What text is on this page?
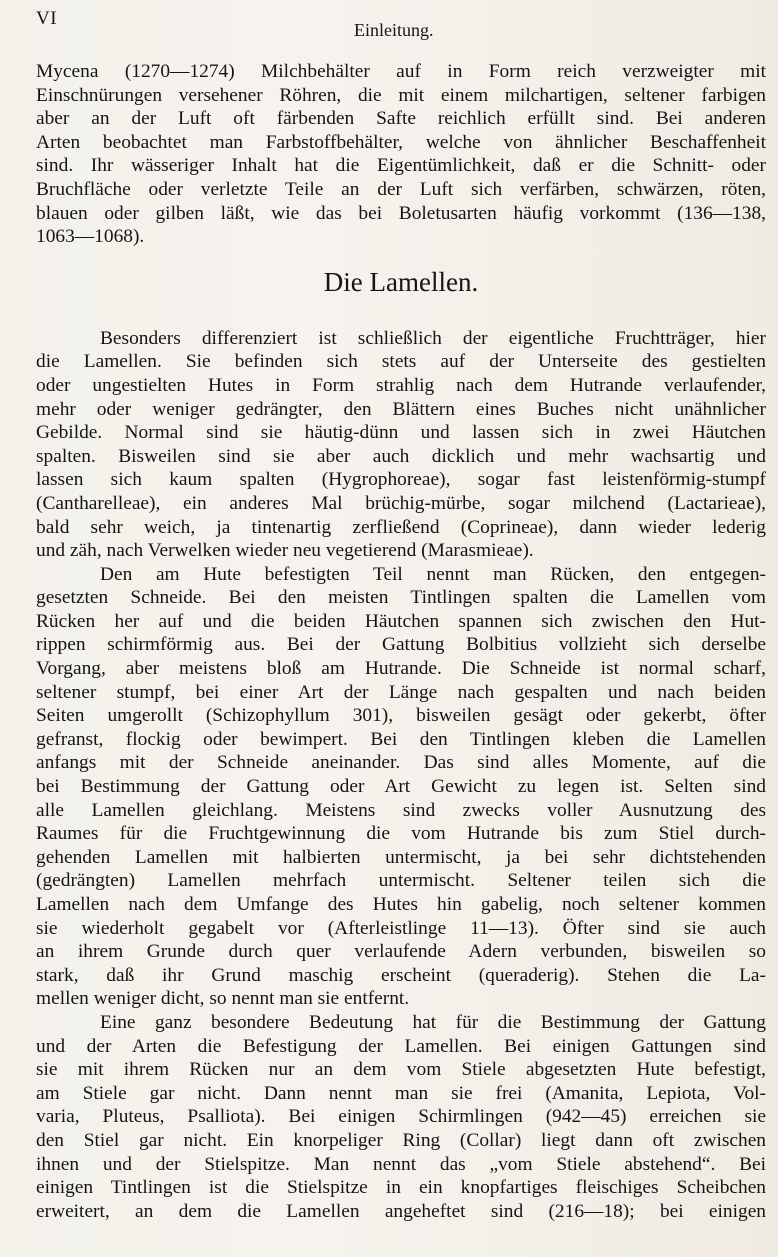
VI
Einleitung.
Mycena (1270—1274) Milchbehälter auf in Form reich verzweigter mit
Einschnürungen versehener Röhren, die mit einem milchartigen, seltener farbigen
aber an der Luft oft färbenden Safte reichlich erfüllt sind. Bei anderen
Arten beobachtet man Farbstoffbehälter, welche von ähnlicher Beschaffenheit
sind. Ihr wässeriger Inhalt hat die Eigentümlichkeit, daß er die Schnitt- oder
Bruchfläche oder verletzte Teile an der Luft sich verfärben, schwärzen, röten,
blauen oder gilben läßt, wie das bei Boletusarten häufig vorkommt (136—138,
1063—1068).
Die Lamellen.
Besonders differenziert ist schließlich der eigentliche Fruchtträger, hier
die Lamellen. Sie befinden sich stets auf der Unterseite des gestielten
oder ungestielten Hutes in Form strahlig nach dem Hutrande verlaufender,
mehr oder weniger gedrängter, den Blättern eines Buches nicht unähnlicher
Gebilde. Normal sind sie häutig-dünn und lassen sich in zwei Häutchen
spalten. Bisweilen sind sie aber auch dicklich und mehr wachsartig und
lassen sich kaum spalten (Hygrophoreae), sogar fast leistenförmig-stumpf
(Cantharelleae), ein anderes Mal brüchig-mürbe, sogar milchend (Lactarieae),
bald sehr weich, ja tintenartig zerfließend (Coprineae), dann wieder lederig
und zäh, nach Verwelken wieder neu vegetierend (Marasmieae).
Den am Hute befestigten Teil nennt man Rücken, den entgegen-
gesetzten Schneide. Bei den meisten Tintlingen spalten die Lamellen vom
Rücken her auf und die beiden Häutchen spannen sich zwischen den Hut-
rippen schirmförmig aus. Bei der Gattung Bolbitius vollzieht sich derselbe
Vorgang, aber meistens bloß am Hutrande. Die Schneide ist normal scharf,
seltener stumpf, bei einer Art der Länge nach gespalten und nach beiden
Seiten umgerollt (Schizophyllum 301), bisweilen gesägt oder gekerbt, öfter
gefranst, flockig oder bewimpert. Bei den Tintlingen kleben die Lamellen
anfangs mit der Schneide aneinander. Das sind alles Momente, auf die
bei Bestimmung der Gattung oder Art Gewicht zu legen ist. Selten sind
alle Lamellen gleichlang. Meistens sind zwecks voller Ausnutzung des
Raumes für die Fruchtgewinnung die vom Hutrande bis zum Stiel durch-
gehenden Lamellen mit halbierten untermischt, ja bei sehr dichtstehenden
(gedrängten) Lamellen mehrfach untermischt. Seltener teilen sich die
Lamellen nach dem Umfange des Hutes hin gabelig, noch seltener kommen
sie wiederholt gegabelt vor (Afterleistlinge 11—13). Öfter sind sie auch
an ihrem Grunde durch quer verlaufende Adern verbunden, bisweilen so
stark, daß ihr Grund maschig erscheint (queraderig). Stehen die La-
mellen weniger dicht, so nennt man sie entfernt.
Eine ganz besondere Bedeutung hat für die Bestimmung der Gattung
und der Arten die Befestigung der Lamellen. Bei einigen Gattungen sind
sie mit ihrem Rücken nur an dem vom Stiele abgesetzten Hute befestigt,
am Stiele gar nicht. Dann nennt man sie frei (Amanita, Lepiota, Vol-
varia, Pluteus, Psalliota). Bei einigen Schirmlingen (942—45) erreichen sie
den Stiel gar nicht. Ein knorpeliger Ring (Collar) liegt dann oft zwischen
ihnen und der Stielspitze. Man nennt das „vom Stiele abstehend“. Bei
einigen Tintlingen ist die Stielspitze in ein knopfartiges fleischiges Scheibchen
erweitert, an dem die Lamellen angeheftet sind (216—18); bei einigen
